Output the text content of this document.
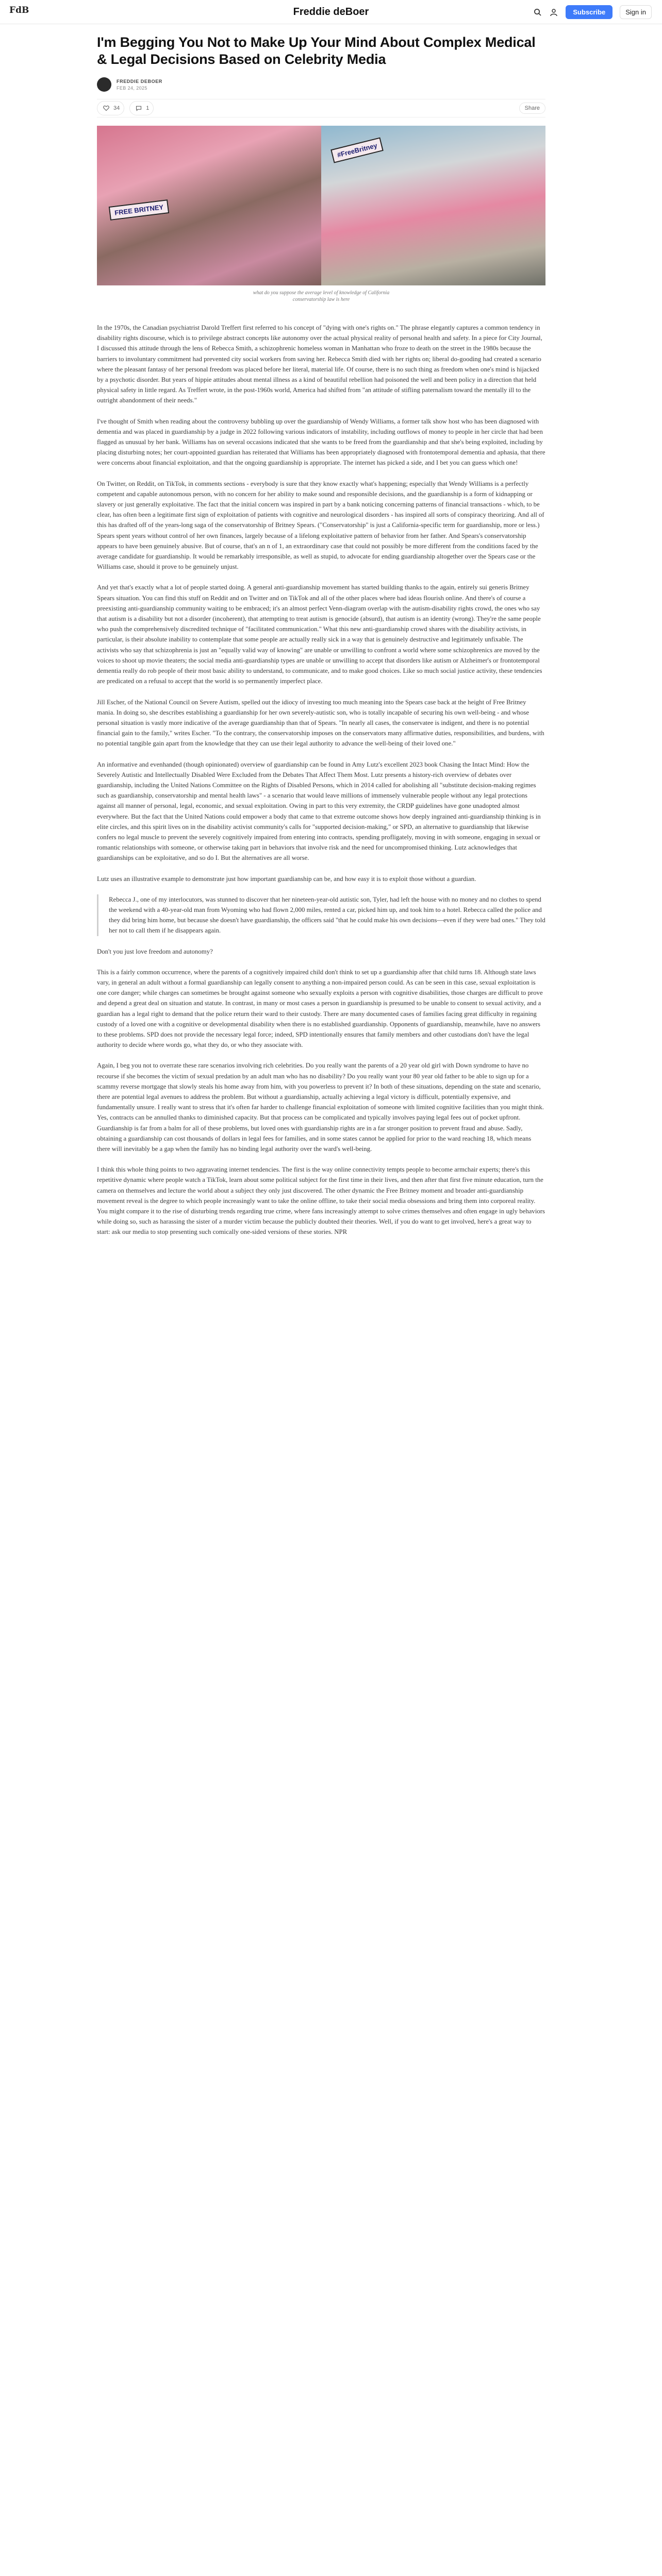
FdB	Freddie deBoer	Subscribe	Sign in
I'm Begging You Not to Make Up Your Mind About Complex Medical & Legal Decisions Based on Celebrity Media
FREDDIE DEBOER
FEB 24, 2025
34	1	Share
FREE BRITNEY
#FreeBritney
what do you suppose the average level of knowledge of California
conservatorship law is here

In the 1970s, the Canadian psychiatrist Darold Treffert first referred to his concept of "dying with one's rights on." The phrase elegantly captures a common tendency in disability rights discourse, which is to privilege abstract concepts like autonomy over the actual physical reality of personal health and safety. In a piece for City Journal, I discussed this attitude through the lens of Rebecca Smith, a schizophrenic homeless woman in Manhattan who froze to death on the street in the 1980s because the barriers to involuntary commitment had prevented city social workers from saving her. Rebecca Smith died with her rights on; liberal do-gooding had created a scenario where the pleasant fantasy of her personal freedom was placed before her literal, material life. Of course, there is no such thing as freedom when one's mind is hijacked by a psychotic disorder. But years of hippie attitudes about mental illness as a kind of beautiful rebellion had poisoned the well and been policy in a direction that held physical safety in little regard. As Treffert wrote, in the post-1960s world, America had shifted from "an attitude of stifling paternalism toward the mentally ill to the outright abandonment of their needs."

I've thought of Smith when reading about the controversy bubbling up over the guardianship of Wendy Williams, a former talk show host who has been diagnosed with dementia and was placed in guardianship by a judge in 2022 following various indicators of instability, including outflows of money to people in her circle that had been flagged as unusual by her bank. Williams has on several occasions indicated that she wants to be freed from the guardianship and that she's being exploited, including by placing disturbing notes; her court-appointed guardian has reiterated that Williams has been appropriately diagnosed with frontotemporal dementia and aphasia, that there were concerns about financial exploitation, and that the ongoing guardianship is appropriate. The internet has picked a side, and I bet you can guess which one!

On Twitter, on Reddit, on TikTok, in comments sections - everybody is sure that they know exactly what's happening; especially that Wendy Williams is a perfectly competent and capable autonomous person, with no concern for her ability to make sound and responsible decisions, and the guardianship is a form of kidnapping or slavery or just generally exploitative. The fact that the initial concern was inspired in part by a bank noticing concerning patterns of financial transactions - which, to be clear, has often been a legitimate first sign of exploitation of patients with cognitive and neurological disorders - has inspired all sorts of conspiracy theorizing. And all of this has drafted off of the years-long saga of the conservatorship of Britney Spears. ("Conservatorship" is just a California-specific term for guardianship, more or less.) Spears spent years without control of her own finances, largely because of a lifelong exploitative pattern of behavior from her father. And Spears's conservatorship appears to have been genuinely abusive. But of course, that's an n of 1, an extraordinary case that could not possibly be more different from the conditions faced by the average candidate for guardianship. It would be remarkably irresponsible, as well as stupid, to advocate for ending guardianship altogether over the Spears case or the Williams case, should it prove to be genuinely unjust.

And yet that's exactly what a lot of people started doing. A general anti-guardianship movement has started building thanks to the again, entirely sui generis Britney Spears situation. You can find this stuff on Reddit and on Twitter and on TikTok and all of the other places where bad ideas flourish online. And there's of course a preexisting anti-guardianship community waiting to be embraced; it's an almost perfect Venn-diagram overlap with the autism-disability rights crowd, the ones who say that autism is a disability but not a disorder (incoherent), that attempting to treat autism is genocide (absurd), that autism is an identity (wrong). They're the same people who push the comprehensively discredited technique of "facilitated communication." What this new anti-guardianship crowd shares with the disability activists, in particular, is their absolute inability to contemplate that some people are actually really sick in a way that is genuinely destructive and legitimately unfixable. The activists who say that schizophrenia is just an "equally valid way of knowing" are unable or unwilling to confront a world where some schizophrenics are moved by the voices to shoot up movie theaters; the social media anti-guardianship types are unable or unwilling to accept that disorders like autism or Alzheimer's or frontotemporal dementia really do rob people of their most basic ability to understand, to communicate, and to make good choices. Like so much social justice activity, these tendencies are predicated on a refusal to accept that the world is so permanently imperfect place.

Jill Escher, of the National Council on Severe Autism, spelled out the idiocy of investing too much meaning into the Spears case back at the height of Free Britney mania. In doing so, she describes establishing a guardianship for her own severely-autistic son, who is totally incapable of securing his own well-being - and whose personal situation is vastly more indicative of the average guardianship than that of Spears. "In nearly all cases, the conservatee is indigent, and there is no potential financial gain to the family," writes Escher. "To the contrary, the conservatorship imposes on the conservators many affirmative duties, responsibilities, and burdens, with no potential tangible gain apart from the knowledge that they can use their legal authority to advance the well-being of their loved one."

An informative and evenhanded (though opinionated) overview of guardianship can be found in Amy Lutz's excellent 2023 book Chasing the Intact Mind: How the Severely Autistic and Intellectually Disabled Were Excluded from the Debates That Affect Them Most. Lutz presents a history-rich overview of debates over guardianship, including the United Nations Committee on the Rights of Disabled Persons, which in 2014 called for abolishing all "substitute decision-making regimes such as guardianship, conservatorship and mental health laws" - a scenario that would leave millions of immensely vulnerable people without any legal protections against all manner of personal, legal, economic, and sexual exploitation. Owing in part to this very extremity, the CRDP guidelines have gone unadopted almost everywhere. But the fact that the United Nations could empower a body that came to that extreme outcome shows how deeply ingrained anti-guardianship thinking is in elite circles, and this spirit lives on in the disability activist community's calls for "supported decision-making," or SPD, an alternative to guardianship that likewise confers no legal muscle to prevent the severely cognitively impaired from entering into contracts, spending profligately, moving in with someone, engaging in sexual or romantic relationships with someone, or otherwise taking part in behaviors that involve risk and the need for uncompromised thinking. Lutz acknowledges that guardianships can be exploitative, and so do I. But the alternatives are all worse.

Lutz uses an illustrative example to demonstrate just how important guardianship can be, and how easy it is to exploit those without a guardian.

Rebecca J., one of my interlocutors, was stunned to discover that her nineteen-year-old autistic son, Tyler, had left the house with no money and no clothes to spend the weekend with a 40-year-old man from Wyoming who had flown 2,000 miles, rented a car, picked him up, and took him to a hotel. Rebecca called the police and they did bring him home, but because she doesn't have guardianship, the officers said "that he could make his own decisions—even if they were bad ones." They told her not to call them if he disappears again.

Don't you just love freedom and autonomy?

This is a fairly common occurrence, where the parents of a cognitively impaired child don't think to set up a guardianship after that child turns 18. Although state laws vary, in general an adult without a formal guardianship can legally consent to anything a non-impaired person could. As can be seen in this case, sexual exploitation is one core danger; while charges can sometimes be brought against someone who sexually exploits a person with cognitive disabilities, those charges are difficult to prove and depend a great deal on situation and statute. In contrast, in many or most cases a person in guardianship is presumed to be unable to consent to sexual activity, and a guardian has a legal right to demand that the police return their ward to their custody. There are many documented cases of families facing great difficulty in regaining custody of a loved one with a cognitive or developmental disability when there is no established guardianship. Opponents of guardianship, meanwhile, have no answers to these problems. SPD does not provide the necessary legal force; indeed, SPD intentionally ensures that family members and other custodians don't have the legal authority to decide where words go, what they do, or who they associate with.

Again, I beg you not to overrate these rare scenarios involving rich celebrities. Do you really want the parents of a 20 year old girl with Down syndrome to have no recourse if she becomes the victim of sexual predation by an adult man who has no disability? Do you really want your 80 year old father to be able to sign up for a scammy reverse mortgage that slowly steals his home away from him, with you powerless to prevent it? In both of these situations, depending on the state and scenario, there are potential legal avenues to address the problem. But without a guardianship, actually achieving a legal victory is difficult, potentially expensive, and fundamentally unsure. I really want to stress that it's often far harder to challenge financial exploitation of someone with limited cognitive facilities than you might think. Yes, contracts can be annulled thanks to diminished capacity. But that process can be complicated and typically involves paying legal fees out of pocket upfront. Guardianship is far from a balm for all of these problems, but loved ones with guardianship rights are in a far stronger position to prevent fraud and abuse. Sadly, obtaining a guardianship can cost thousands of dollars in legal fees for families, and in some states cannot be applied for prior to the ward reaching 18, which means there will inevitably be a gap when the family has no binding legal authority over the ward's well-being.

I think this whole thing points to two aggravating internet tendencies. The first is the way online connectivity tempts people to become armchair experts; there's this repetitive dynamic where people watch a TikTok, learn about some political subject for the first time in their lives, and then after that first five minute education, turn the camera on themselves and lecture the world about a subject they only just discovered. The other dynamic the Free Britney moment and broader anti-guardianship movement reveal is the degree to which people increasingly want to take the online offline, to take their social media obsessions and bring them into corporeal reality. You might compare it to the rise of disturbing trends regarding true crime, where fans increasingly attempt to solve crimes themselves and often engage in ugly behaviors while doing so, such as harassing the sister of a murder victim because the publicly doubted their theories. Well, if you do want to get involved, here's a great way to start: ask our media to stop presenting such comically one-sided versions of these stories. NPR
